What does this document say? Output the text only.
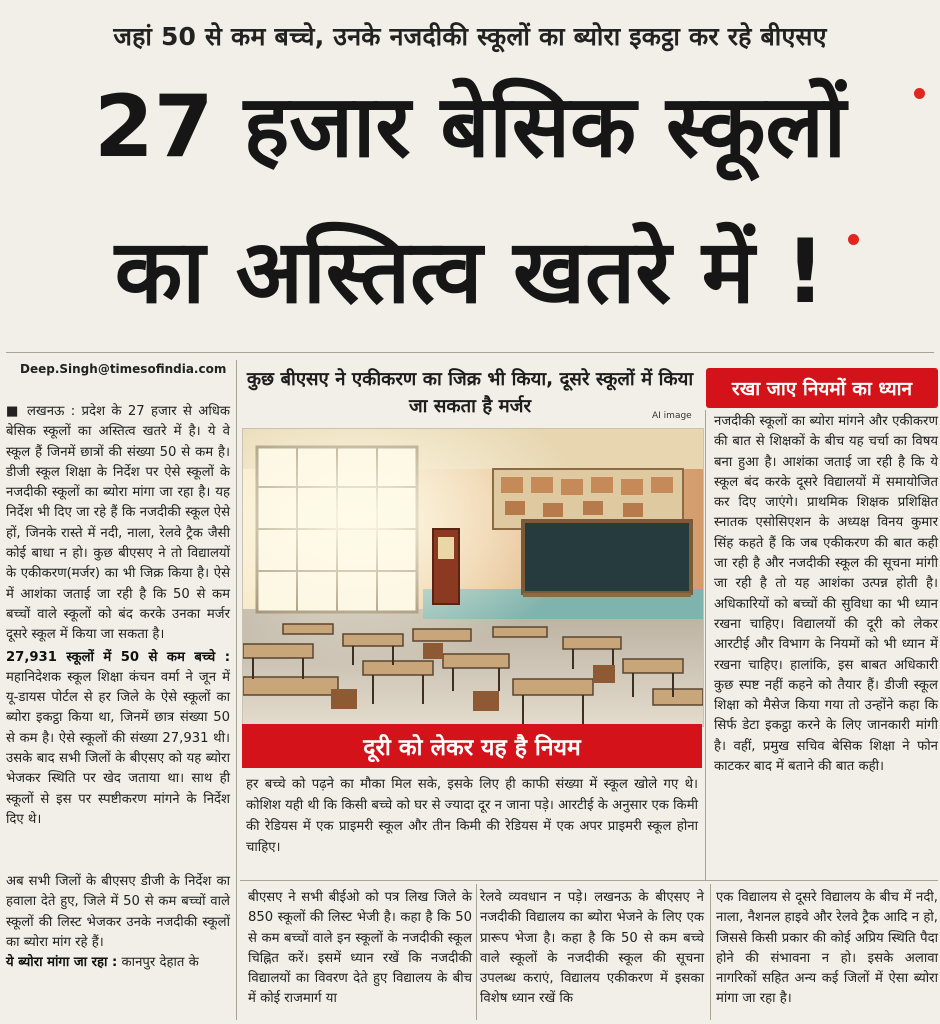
जहां 50 से कम बच्चे, उनके नजदीकी स्कूलों का ब्योरा इकट्ठा कर रहे बीएसए
27 हजार बेसिक स्कूलों
का अस्तित्व खतरे में !
Deep.Singh@timesofindia.com

■ लखनऊ : प्रदेश के 27 हजार से अधिक बेसिक स्कूलों का अस्तित्व खतरे में है। ये वे स्कूल हैं जिनमें छात्रों की संख्या 50 से कम है। डीजी स्कूल शिक्षा के निर्देश पर ऐसे स्कूलों के नजदीकी स्कूलों का ब्योरा मांगा जा रहा है। यह निर्देश भी दिए जा रहे हैं कि नजदीकी स्कूल ऐसे हों, जिनके रास्ते में नदी, नाला, रेलवे ट्रैक जैसी कोई बाधा न हो। कुछ बीएसए ने तो विद्यालयों के एकीकरण(मर्जर) का भी जिक्र किया है। ऐसे में आशंका जताई जा रही है कि 50 से कम बच्चों वाले स्कूलों को बंद करके उनका मर्जर दूसरे स्कूल में किया जा सकता है।

27,931 स्कूलों में 50 से कम बच्चे : महानिदेशक स्कूल शिक्षा कंचन वर्मा ने जून में यू-डायस पोर्टल से हर जिले के ऐसे स्कूलों का ब्योरा इकट्ठा किया था, जिनमें छात्र संख्या 50 से कम है। ऐसे स्कूलों की संख्या 27,931 थी। उसके बाद सभी जिलों के बीएसए को यह ब्योरा भेजकर स्थिति पर खेद जताया था। साथ ही स्कूलों से इस पर स्पष्टीकरण मांगने के निर्देश दिए थे।

अब सभी जिलों के बीएसए डीजी के निर्देश का हवाला देते हुए, जिले में 50 से कम बच्चों वाले स्कूलों की लिस्ट भेजकर उनके नजदीकी स्कूलों का ब्योरा मांग रहे हैं।

ये ब्योरा मांगा जा रहा : कानपुर देहात के

कुछ बीएसए ने एकीकरण का जिक्र भी किया, दूसरे स्कूलों में किया जा सकता है मर्जर	AI image
दूरी को लेकर यह है नियम
हर बच्चे को पढ़ने का मौका मिल सके, इसके लिए ही काफी संख्या में स्कूल खोले गए थे। कोशिश यही थी कि किसी बच्चे को घर से ज्यादा दूर न जाना पड़े। आरटीई के अनुसार एक किमी की रेडियस में एक प्राइमरी स्कूल और तीन किमी की रेडियस में एक अपर प्राइमरी स्कूल होना चाहिए।
रखा जाए नियमों का ध्यान
नजदीकी स्कूलों का ब्योरा मांगने और एकीकरण की बात से शिक्षकों के बीच यह चर्चा का विषय बना हुआ है। आशंका जताई जा रही है कि ये स्कूल बंद करके दूसरे विद्यालयों में समायोजित कर दिए जाएंगे। प्राथमिक शिक्षक प्रशिक्षित स्नातक एसोसिएशन के अध्यक्ष विनय कुमार सिंह कहते हैं कि जब एकीकरण की बात कही जा रही है और नजदीकी स्कूल की सूचना मांगी जा रही है तो यह आशंका उत्पन्न होती है। अधिकारियों को बच्चों की सुविधा का भी ध्यान रखना चाहिए। विद्यालयों की दूरी को लेकर आरटीई और विभाग के नियमों को भी ध्यान में रखना चाहिए। हालांकि, इस बाबत अधिकारी कुछ स्पष्ट नहीं कहने को तैयार हैं। डीजी स्कूल शिक्षा को मैसेज किया गया तो उन्होंने कहा कि सिर्फ डेटा इकट्ठा करने के लिए जानकारी मांगी है। वहीं, प्रमुख सचिव बेसिक शिक्षा ने फोन काटकर बाद में बताने की बात कही।
बीएसए ने सभी बीईओ को पत्र लिख जिले के 850 स्कूलों की लिस्ट भेजी है। कहा है कि 50 से कम बच्चों वाले इन स्कूलों के नजदीकी स्कूल चिह्नित करें। इसमें ध्यान रखें कि नजदीकी विद्यालयों का विवरण देते हुए विद्यालय के बीच में कोई राजमार्ग या
रेलवे व्यवधान न पड़े। लखनऊ के बीएसए ने नजदीकी विद्यालय का ब्योरा भेजने के लिए एक प्रारूप भेजा है। कहा है कि 50 से कम बच्चे वाले स्कूलों के नजदीकी स्कूल की सूचना उपलब्ध कराएं, विद्यालय एकीकरण में इसका विशेष ध्यान रखें कि
एक विद्यालय से दूसरे विद्यालय के बीच में नदी, नाला, नैशनल हाइवे और रेलवे ट्रैक आदि न हो, जिससे किसी प्रकार की कोई अप्रिय स्थिति पैदा होने की संभावना न हो। इसके अलावा नागरिकों सहित अन्य कई जिलों में ऐसा ब्योरा मांगा जा रहा है।
